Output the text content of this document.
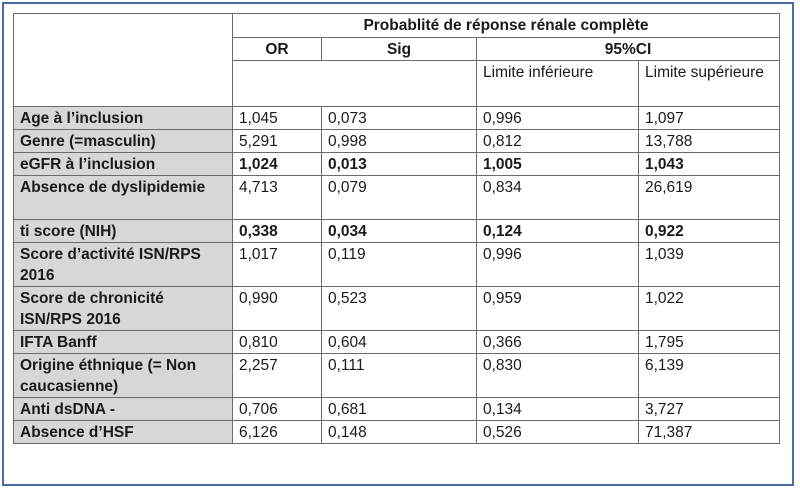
	Probablité de réponse rénale complète			
	OR	Sig	95%CI	
			Limite inférieure	Limite supérieure
Age à l’inclusion	1,045	0,073	0,996	1,097
Genre (=masculin)	5,291	0,998	0,812	13,788
eGFR à l’inclusion	1,024	0,013	1,005	1,043
Absence de dyslipidemie	4,713	0,079	0,834	26,619
ti score (NIH)	0,338	0,034	0,124	0,922
Score d’activité ISN/RPS 2016	1,017	0,119	0,996	1,039
Score de chronicité ISN/RPS 2016	0,990	0,523	0,959	1,022
IFTA Banff	0,810	0,604	0,366	1,795
Origine éthnique (= Non caucasienne)	2,257	0,111	0,830	6,139
Anti dsDNA -	0,706	0,681	0,134	3,727
Absence d’HSF	6,126	0,148	0,526	71,387
